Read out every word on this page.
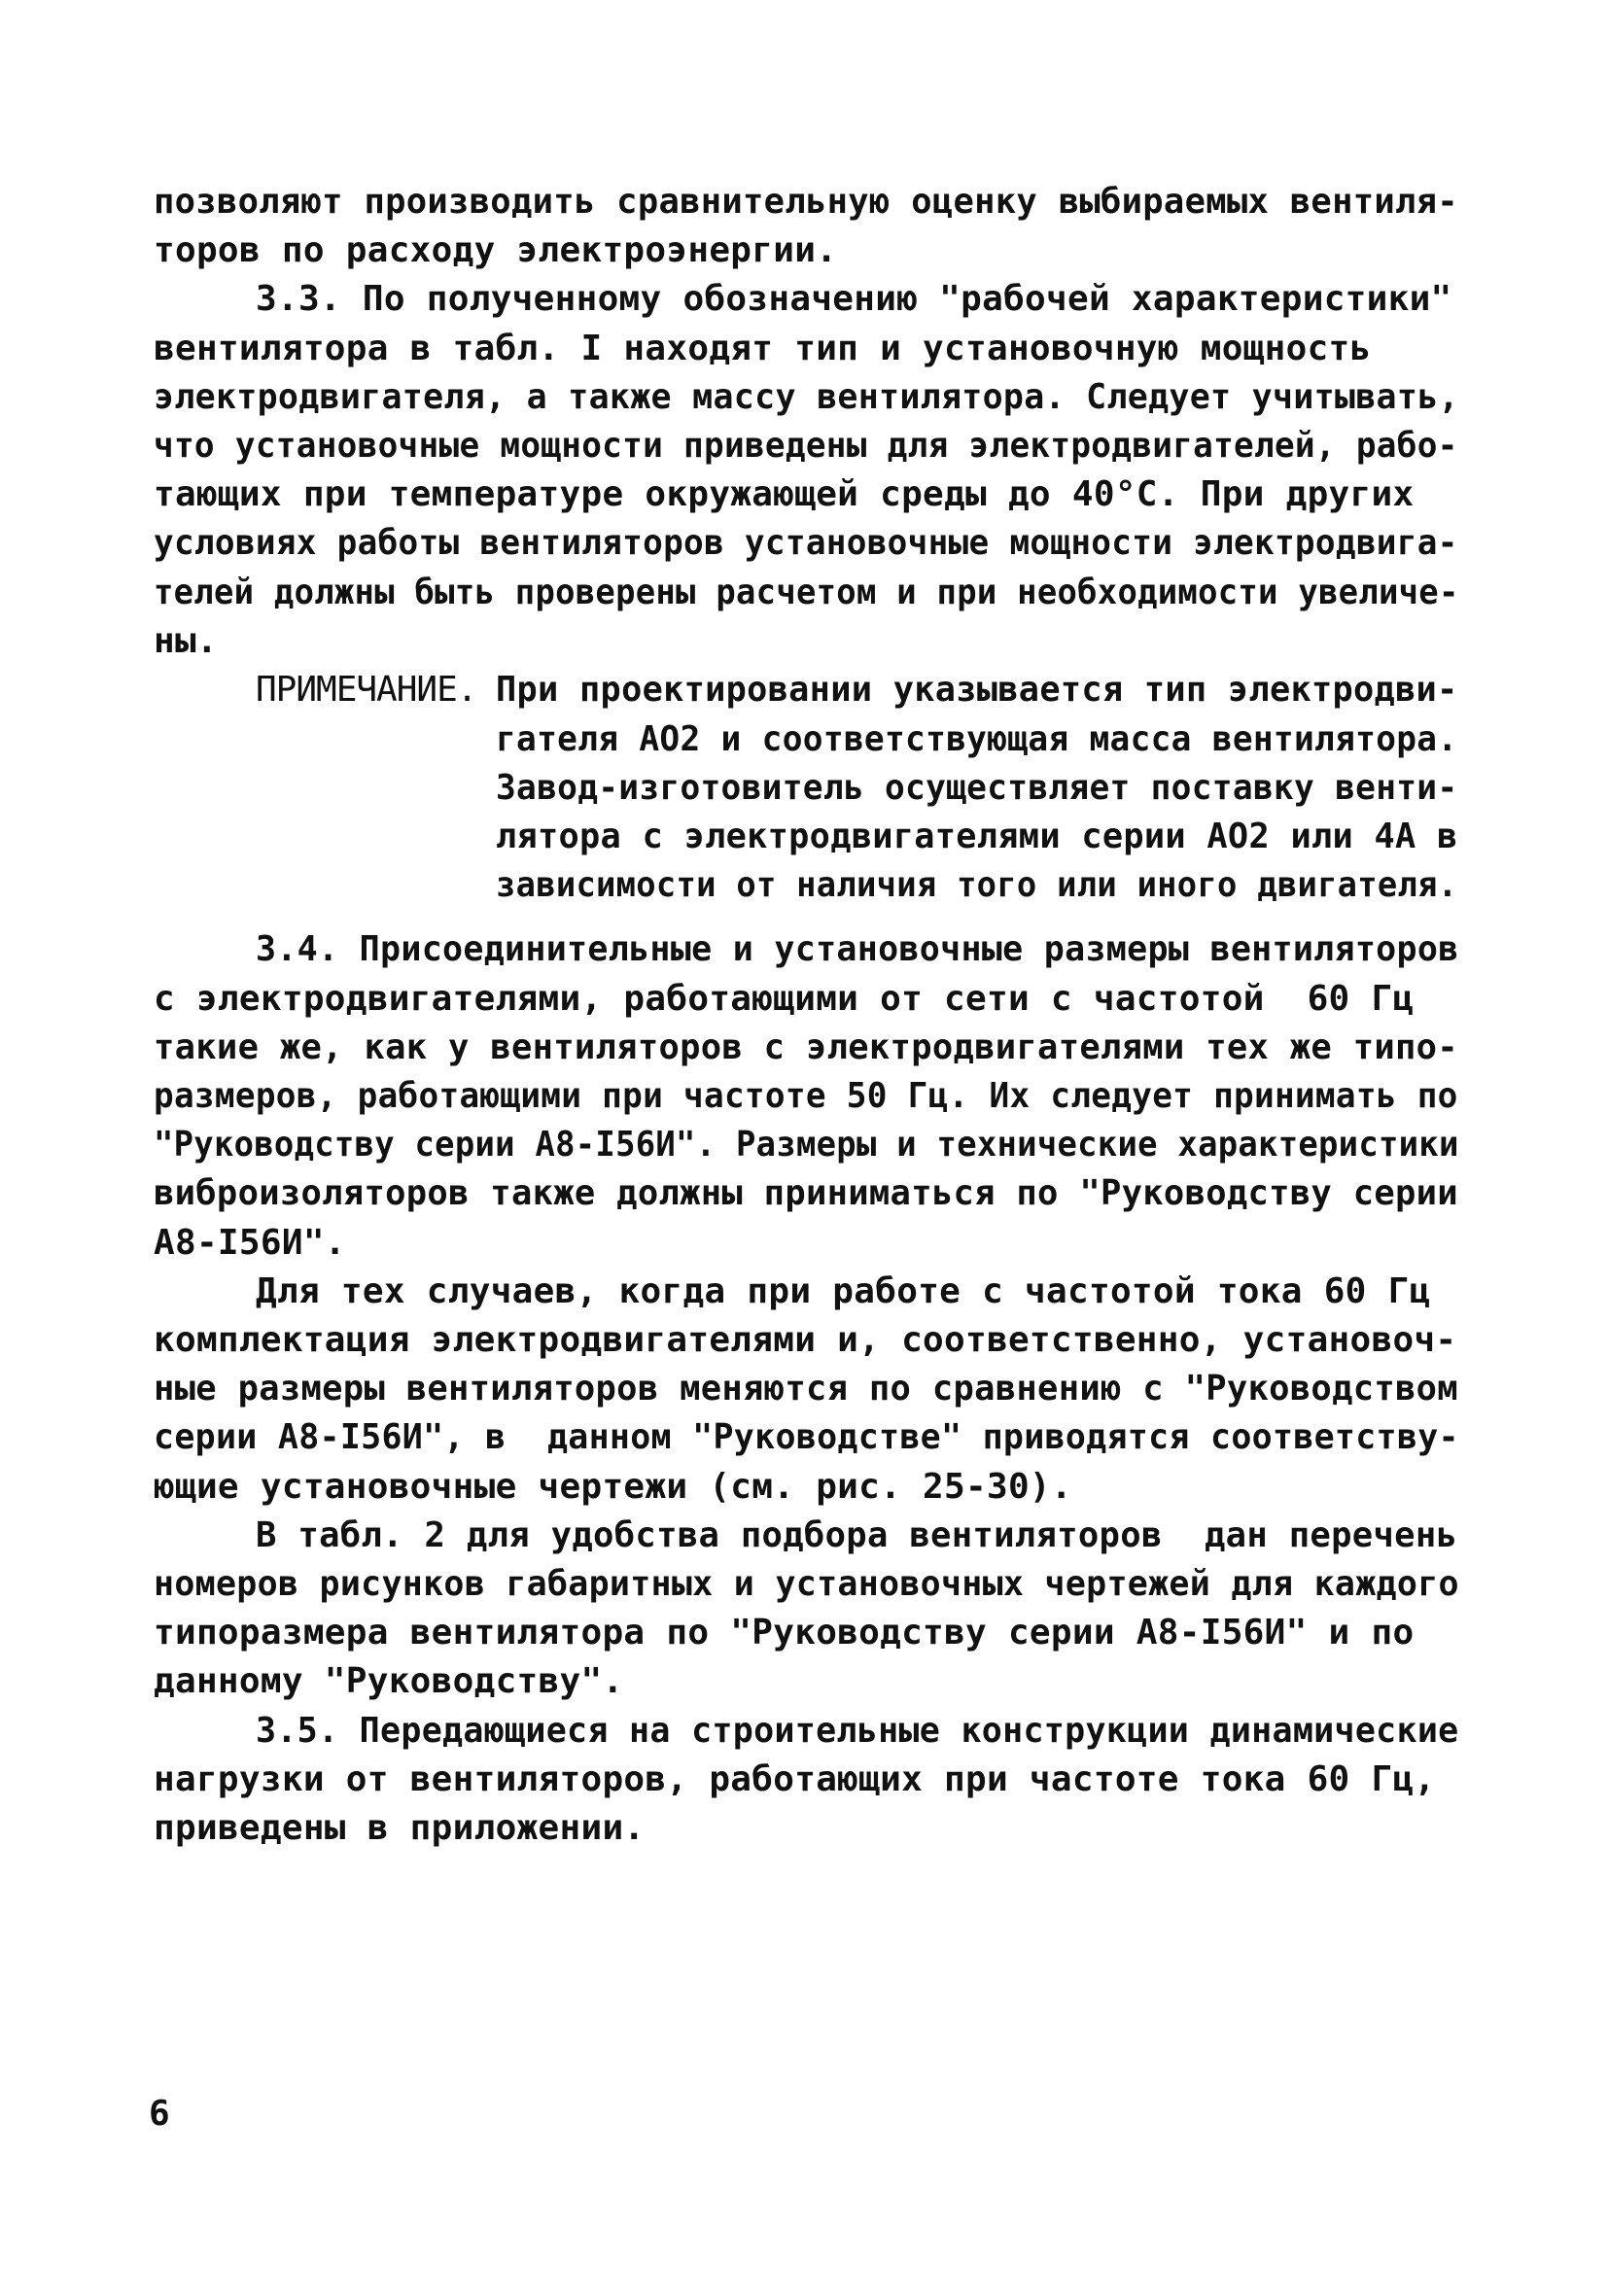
позволяют производить сравнительную оценку выбираемых вентиля-
торов по расходу электроэнергии.
3.3. По полученному обозначению "рабочей характеристики"
вентилятора в табл. I находят тип и установочную мощность
электродвигателя, а также массу вентилятора. Следует учитывать,
что установочные мощности приведены для электродвигателей, рабо-
тающих при температуре окружающей среды до 40°С. При других
условиях работы вентиляторов установочные мощности электродвига-
телей должны быть проверены расчетом и при необходимости увеличе-
ны.
ПРИМЕЧАНИЕ. При проектировании указывается тип электродви-
гателя АО2 и соответствующая масса вентилятора.
Завод-изготовитель осуществляет поставку венти-
лятора с электродвигателями серии АО2 или 4А в
зависимости от наличия того или иного двигателя.
3.4. Присоединительные и установочные размеры вентиляторов
с электродвигателями, работающими от сети с частотой  60 Гц
такие же, как у вентиляторов с электродвигателями тех же типо-
размеров, работающими при частоте 50 Гц. Их следует принимать по
"Руководству серии А8-I56И". Размеры и технические характеристики
виброизоляторов также должны приниматься по "Руководству серии
А8-I56И".
Для тех случаев, когда при работе с частотой тока 60 Гц
комплектация электродвигателями и, соответственно, установоч-
ные размеры вентиляторов меняются по сравнению с "Руководством
серии А8-I56И", в  данном "Руководстве" приводятся соответству-
ющие установочные чертежи (см. рис. 25-30).
В табл. 2 для удобства подбора вентиляторов  дан перечень
номеров рисунков габаритных и установочных чертежей для каждого
типоразмера вентилятора по "Руководству серии А8-I56И" и по
данному "Руководству".
3.5. Передающиеся на строительные конструкции динамические
нагрузки от вентиляторов, работающих при частоте тока 60 Гц,
приведены в приложении.
6
